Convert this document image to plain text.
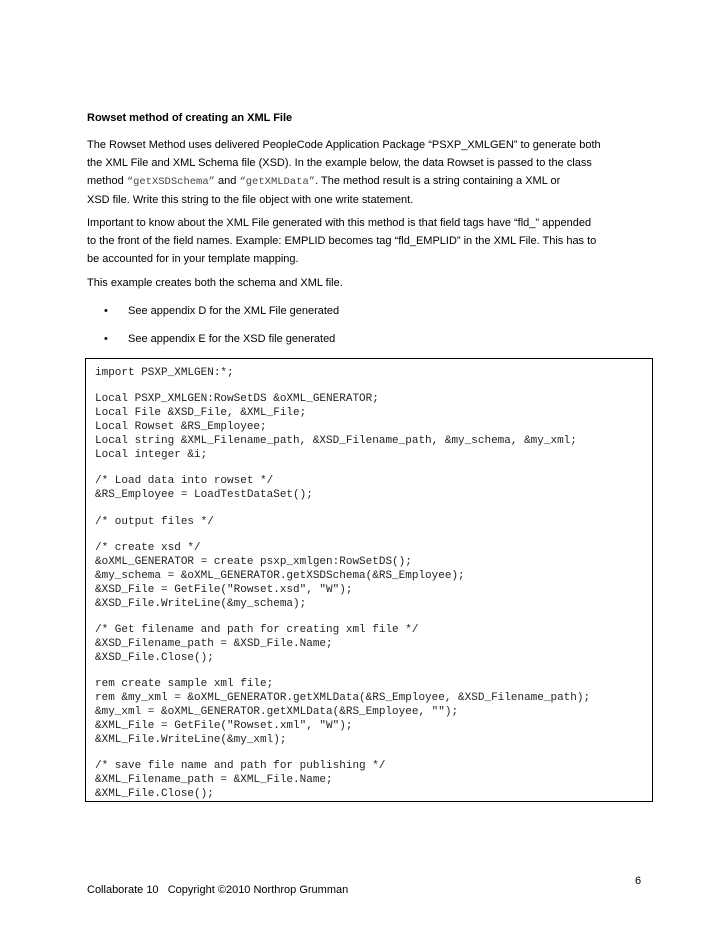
Rowset method of creating an XML File
The Rowset Method uses delivered PeopleCode Application Package “PSXP_XMLGEN” to generate both
the XML File and XML Schema file (XSD). In the example below, the data Rowset is passed to the class
method “getXSDSchema” and “getXMLData”. The method result is a string containing a XML or
XSD file. Write this string to the file object with one write statement.
Important to know about the XML File generated with this method is that field tags have “fld_” appended
to the front of the field names. Example: EMPLID becomes tag “fld_EMPLID” in the XML File. This has to
be accounted for in your template mapping.
This example creates both the schema and XML file.
• See appendix D for the XML File generated
• See appendix E for the XSD file generated
import PSXP_XMLGEN:*;
Local PSXP_XMLGEN:RowSetDS &oXML_GENERATOR;
Local File &XSD_File, &XML_File;
Local Rowset &RS_Employee;
Local string &XML_Filename_path, &XSD_Filename_path, &my_schema, &my_xml;
Local integer &i;
/* Load data into rowset */
&RS_Employee = LoadTestDataSet();
/* output files */
/* create xsd */
&oXML_GENERATOR = create psxp_xmlgen:RowSetDS();
&my_schema = &oXML_GENERATOR.getXSDSchema(&RS_Employee);
&XSD_File = GetFile("Rowset.xsd", "W");
&XSD_File.WriteLine(&my_schema);
/* Get filename and path for creating xml file */
&XSD_Filename_path = &XSD_File.Name;
&XSD_File.Close();
rem create sample xml file;
rem &my_xml = &oXML_GENERATOR.getXMLData(&RS_Employee, &XSD_Filename_path);
&my_xml = &oXML_GENERATOR.getXMLData(&RS_Employee, "");
&XML_File = GetFile("Rowset.xml", "W");
&XML_File.WriteLine(&my_xml);
/* save file name and path for publishing */
&XML_Filename_path = &XML_File.Name;
&XML_File.Close();
6
Collaborate 10   Copyright ©2010 Northrop Grumman
